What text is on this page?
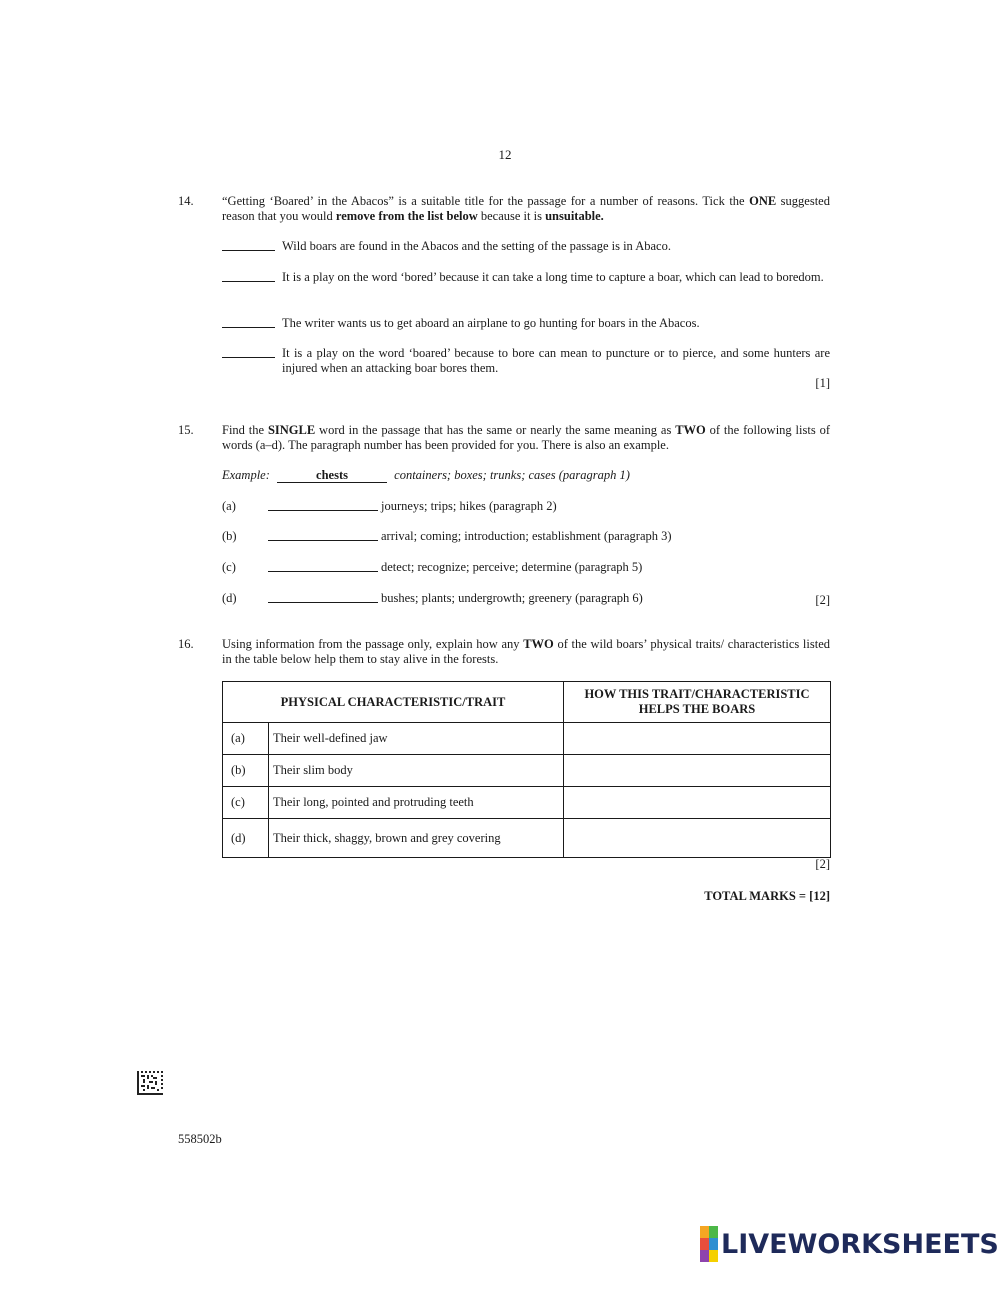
12
14. “Getting ‘Boared’ in the Abacos” is a suitable title for the passage for a number of reasons. Tick the ONE suggested reason that you would remove from the list below because it is unsuitable.
Wild boars are found in the Abacos and the setting of the passage is in Abaco.
It is a play on the word ‘bored’ because it can take a long time to capture a boar, which can lead to boredom.
The writer wants us to get aboard an airplane to go hunting for boars in the Abacos.
It is a play on the word ‘boared’ because to bore can mean to puncture or to pierce, and some hunters are injured when an attacking boar bores them.
[1]
15. Find the SINGLE word in the passage that has the same or nearly the same meaning as TWO of the following lists of words (a–d). The paragraph number has been provided for you. There is also an example.
Example:	chests	containers; boxes; trunks; cases (paragraph 1)
(a)	journeys; trips; hikes (paragraph 2)
(b)	arrival; coming; introduction; establishment (paragraph 3)
(c)	detect; recognize; perceive; determine (paragraph 5)
(d)	bushes; plants; undergrowth; greenery (paragraph 6)	[2]
16. Using information from the passage only, explain how any TWO of the wild boars’ physical traits/ characteristics listed in the table below help them to stay alive in the forests.
PHYSICAL CHARACTERISTIC/TRAIT		HOW THIS TRAIT/CHARACTERISTIC HELPS THE BOARS
(a)	Their well-defined jaw	
(b)	Their slim body	
(c)	Their long, pointed and protruding teeth	
(d)	Their thick, shaggy, brown and grey covering	
[2]
TOTAL MARKS = [12]
558502b
LIVEWORKSHEETS
